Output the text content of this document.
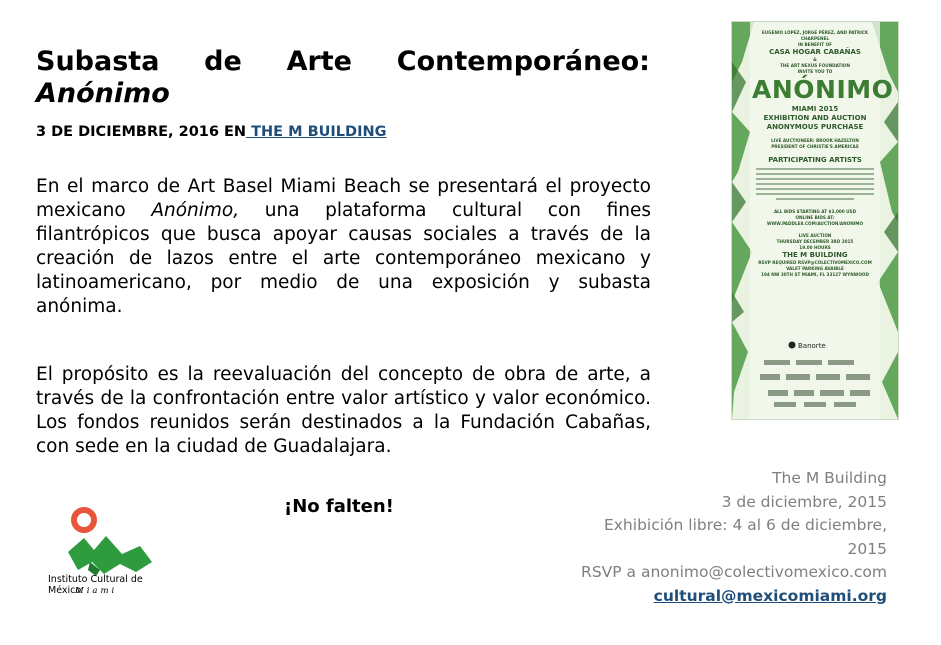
Subasta de Arte Contemporáneo:
Anónimo
3 DE DICIEMBRE, 2016 EN THE M BUILDING
En el marco de Art Basel Miami Beach se presentará el proyecto mexicano Anónimo, una plataforma cultural con fines filantrópicos que busca apoyar causas sociales a través de la creación de lazos entre el arte contemporáneo mexicano y latinoamericano, por medio de una exposición y subasta anónima.
El propósito es la reevaluación del concepto de obra de arte, a través de la confrontación entre valor artístico y valor económico. Los fondos reunidos serán destinados a la Fundación Cabañas, con sede en la ciudad de Guadalajara.
¡No falten!
Instituto Cultural de México
Miami
The M Building
3 de diciembre, 2015
Exhibición libre: 4 al 6 de diciembre,
2015
RSVP a anonimo@colectivomexico.com
cultural@mexicomiami.org
EUGENIO LÓPEZ, JORGE PÉREZ, AND PATRICK CHARPENEL
IN BENEFIT OF
CASA HOGAR CABAÑAS
&
THE ART NEXUS FOUNDATION
INVITE YOU TO
ANÓNIMO
MIAMI 2015
EXHIBITION AND AUCTION
ANONYMOUS PURCHASE
LIVE AUCTIONEER: BROOK HAZELTON
PRESIDENT OF CHRISTIE'S AMERICAS
PARTICIPATING ARTISTS
ALL BIDS STARTING AT $3,000 USD
ONLINE BIDS AT:
WWW.PADDLE8.COM/AUCTION/ANONIMO
LIVE AUCTION
THURSDAY DECEMBER 3RD 2015
19.00 HOURS
THE M BUILDING
RSVP REQUIRED RSVP@COLECTIVOMEXICO.COM
VALET PARKING AVAIBLE
194 NW 30TH ST MIAMI, FL 33127 WYNWOOD
Banorte
